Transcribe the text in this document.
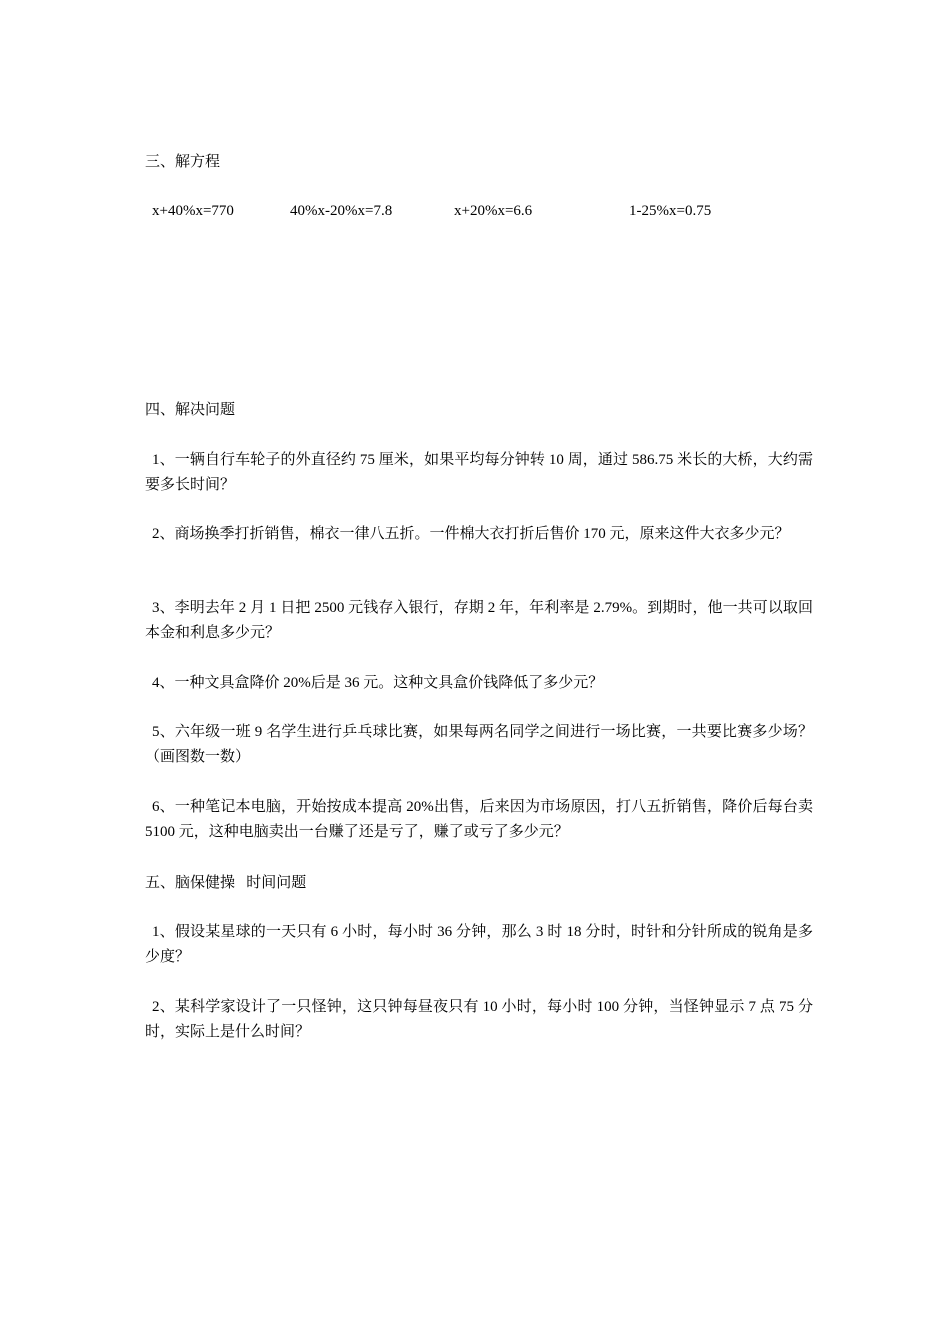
三、解方程
x+40%x=770	40%x-20%x=7.8	x+20%x=6.6	1-25%x=0.75
四、解决问题
1、一辆自行车轮子的外直径约 75 厘米，如果平均每分钟转 10 周，通过 586.75 米长的大桥，大约需要多长时间？
2、商场换季打折销售，棉衣一律八五折。一件棉大衣打折后售价 170 元，原来这件大衣多少元？
3、李明去年 2 月 1 日把 2500 元钱存入银行，存期 2 年，年利率是 2.79%。到期时，他一共可以取回本金和利息多少元？
4、一种文具盒降价 20%后是 36 元。这种文具盒价钱降低了多少元？
5、六年级一班 9 名学生进行乒乓球比赛，如果每两名同学之间进行一场比赛，一共要比赛多少场？（画图数一数）
6、一种笔记本电脑，开始按成本提高 20%出售，后来因为市场原因，打八五折销售，降价后每台卖 5100 元，这种电脑卖出一台赚了还是亏了，赚了或亏了多少元？
五、脑保健操   时间问题
1、假设某星球的一天只有 6 小时，每小时 36 分钟，那么 3 时 18 分时，时针和分针所成的锐角是多少度？
2、某科学家设计了一只怪钟，这只钟每昼夜只有 10 小时，每小时 100 分钟，当怪钟显示 7 点 75 分时，实际上是什么时间？
